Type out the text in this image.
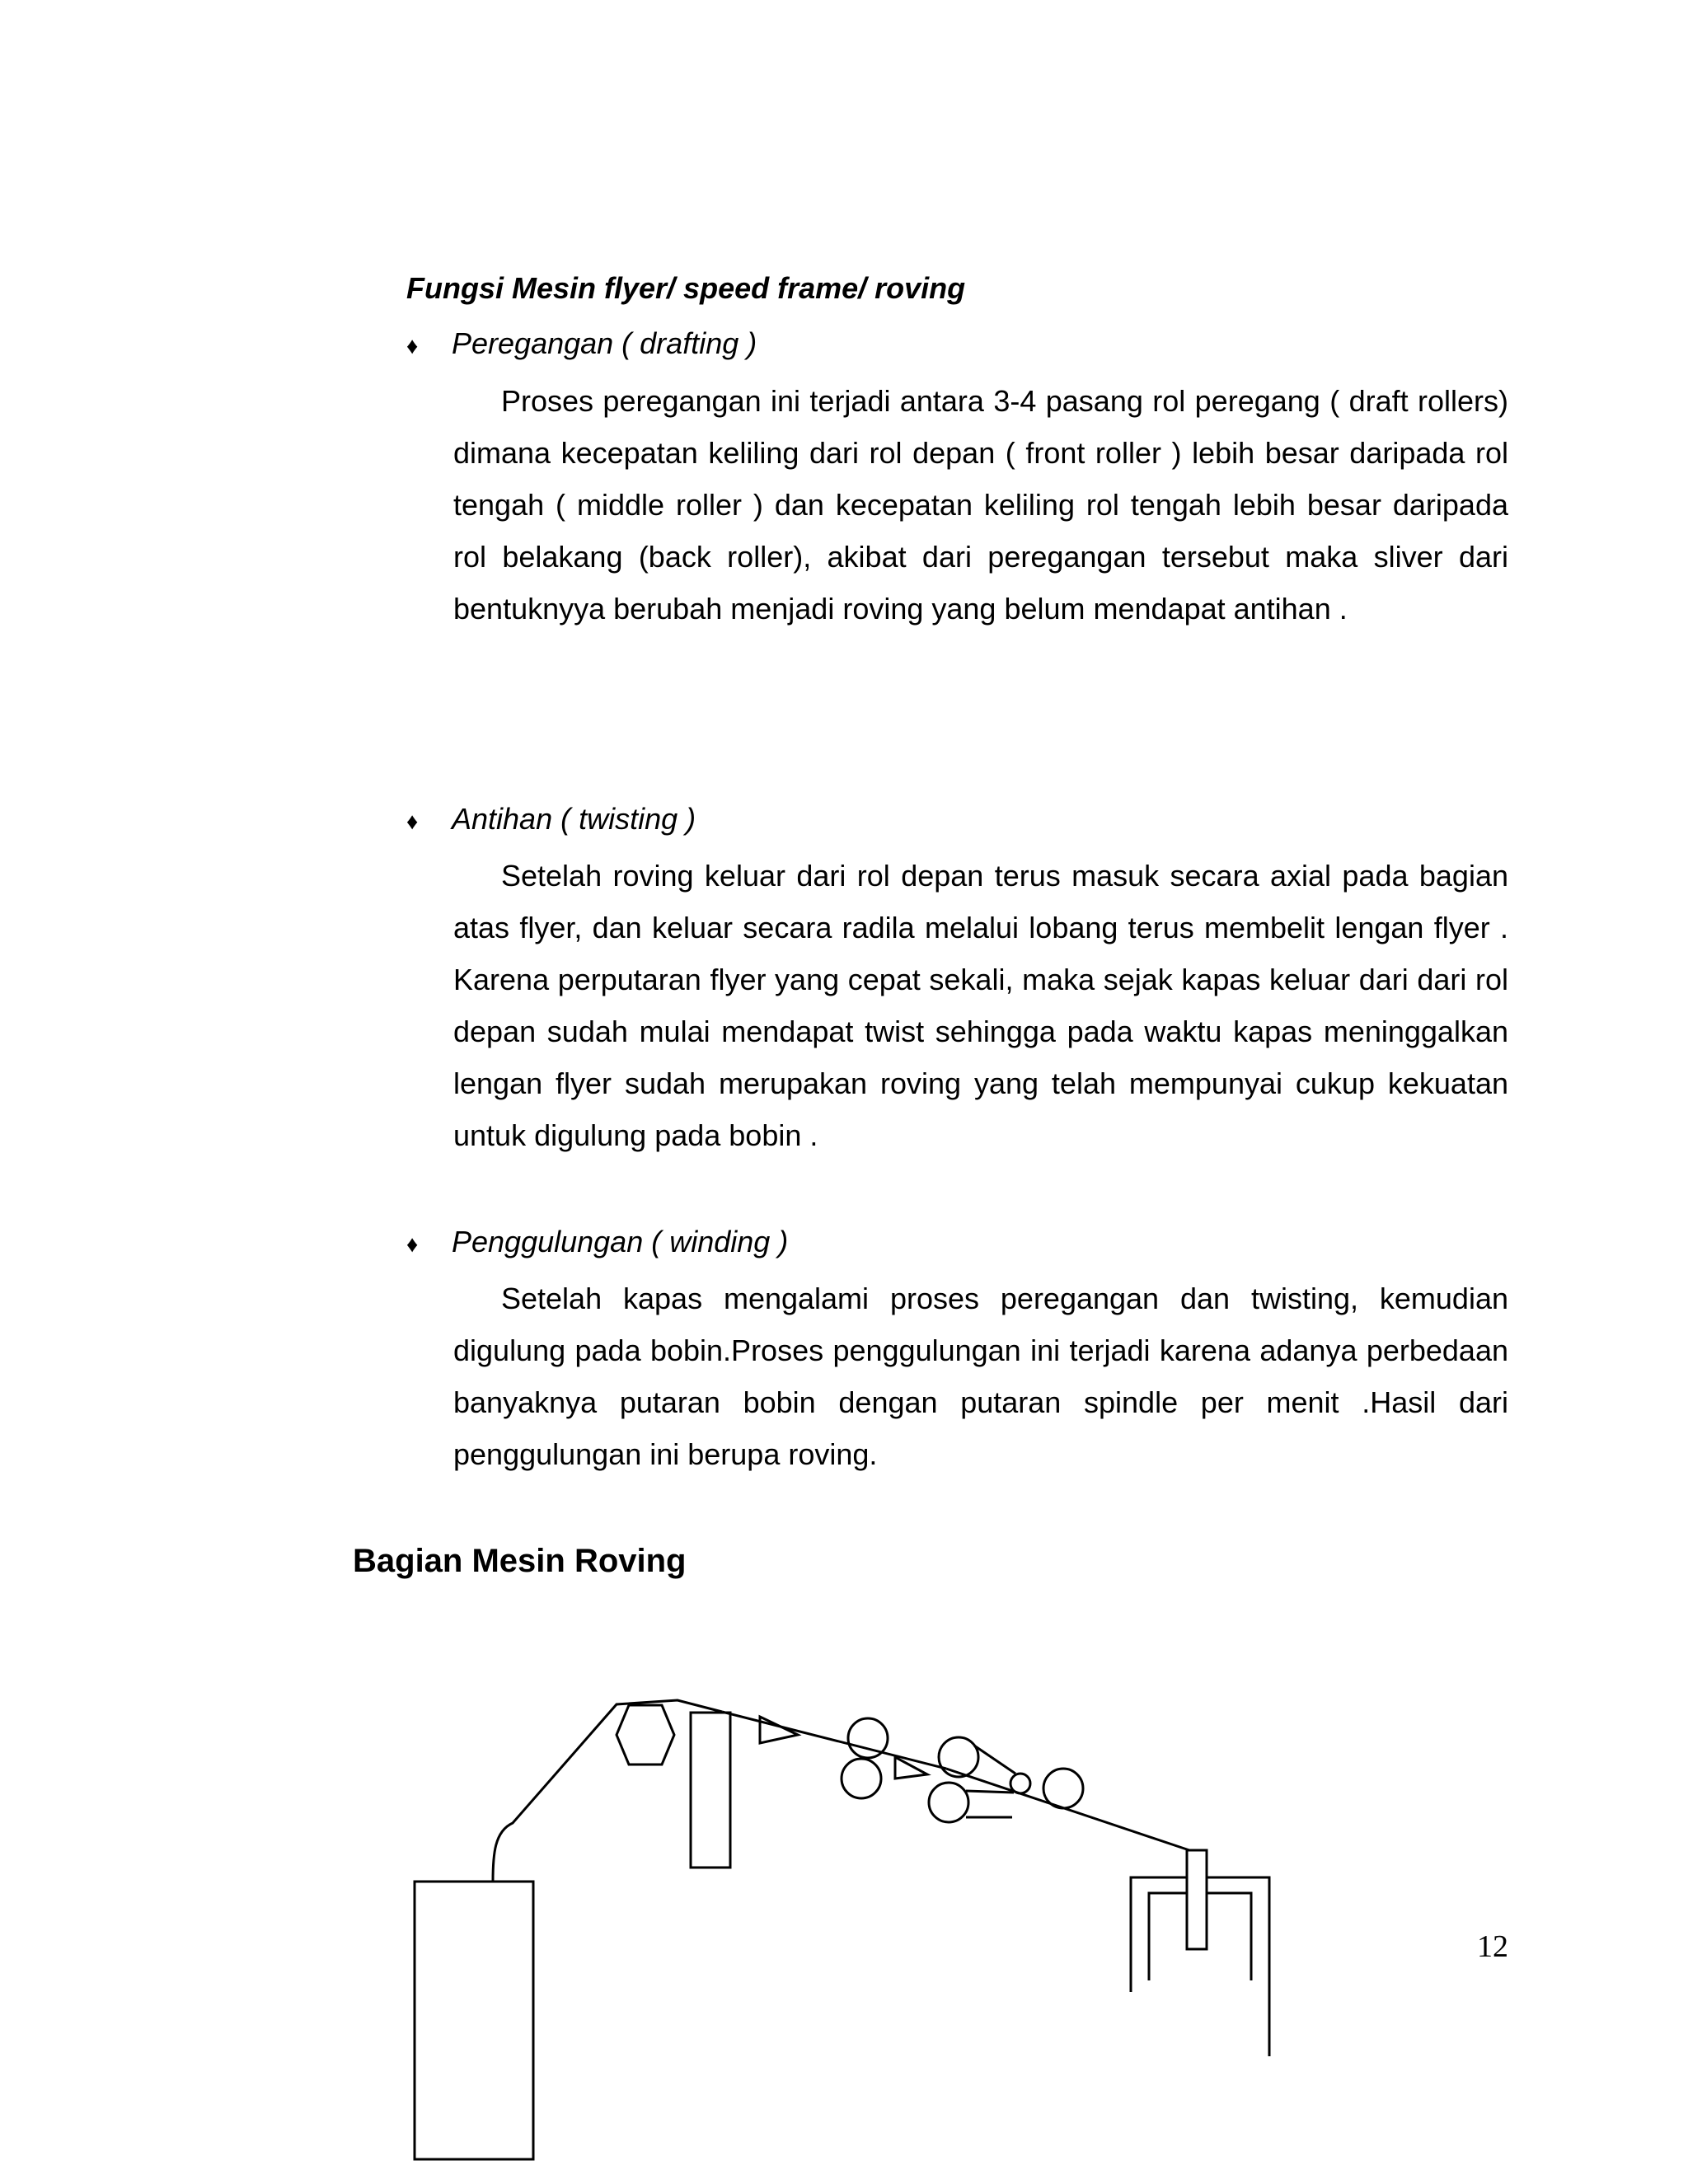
Fungsi Mesin flyer/ speed frame/ roving
♦ Peregangan ( drafting )
Proses peregangan ini terjadi antara 3-4 pasang rol peregang ( draft rollers) dimana kecepatan keliling dari rol depan ( front roller ) lebih besar daripada rol tengah ( middle roller ) dan kecepatan keliling rol tengah lebih besar daripada rol belakang (back roller), akibat dari peregangan tersebut maka sliver dari bentuknyya berubah menjadi roving yang belum mendapat antihan .
♦ Antihan ( twisting )
Setelah roving keluar dari rol depan terus masuk secara axial pada bagian atas flyer, dan keluar secara radila melalui lobang terus membelit lengan flyer . Karena perputaran flyer yang cepat sekali, maka sejak kapas keluar dari dari rol depan sudah mulai mendapat twist sehingga pada waktu kapas meninggalkan lengan flyer sudah merupakan roving yang telah mempunyai cukup kekuatan untuk digulung pada bobin .
♦ Penggulungan ( winding )
Setelah kapas mengalami proses peregangan dan twisting, kemudian digulung pada bobin.Proses penggulungan ini terjadi karena adanya perbedaan banyaknya putaran bobin dengan putaran spindle per menit .Hasil dari penggulungan ini berupa roving.
Bagian Mesin Roving
12
